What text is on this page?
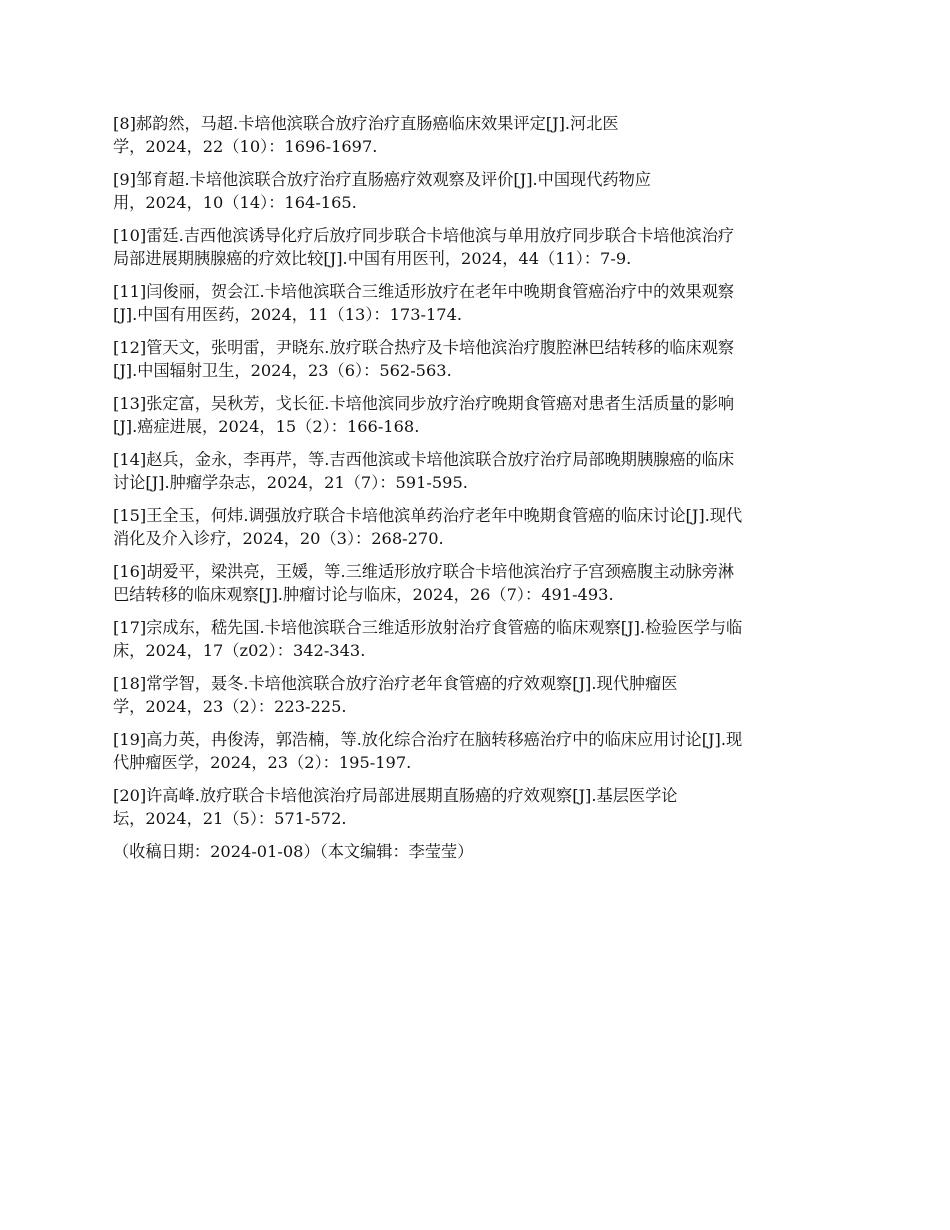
[8]郝韵然，马超.卡培他滨联合放疗治疗直肠癌临床效果评定[J].河北医
学，2024，22（10）：1696-1697.

[9]邹育超.卡培他滨联合放疗治疗直肠癌疗效观察及评价[J].中国现代药物应
用，2024，10（14）：164-165.

[10]雷廷.吉西他滨诱导化疗后放疗同步联合卡培他滨与单用放疗同步联合卡培他滨治疗
局部进展期胰腺癌的疗效比较[J].中国有用医刊，2024，44（11）：7-9.

[11]闫俊丽，贺会江.卡培他滨联合三维适形放疗在老年中晚期食管癌治疗中的效果观察
[J].中国有用医药，2024，11（13）：173-174.

[12]管天文，张明雷，尹晓东.放疗联合热疗及卡培他滨治疗腹腔淋巴结转移的临床观察
[J].中国辐射卫生，2024，23（6）：562-563.

[13]张定富，吴秋芳，戈长征.卡培他滨同步放疗治疗晚期食管癌对患者生活质量的影响
[J].癌症进展，2024，15（2）：166-168.

[14]赵兵，金永，李再芹，等.吉西他滨或卡培他滨联合放疗治疗局部晚期胰腺癌的临床
讨论[J].肿瘤学杂志，2024，21（7）：591-595.

[15]王全玉，何炜.调强放疗联合卡培他滨单药治疗老年中晚期食管癌的临床讨论[J].现代
消化及介入诊疗，2024，20（3）：268-270.

[16]胡爱平，梁洪亮，王媛，等.三维适形放疗联合卡培他滨治疗子宫颈癌腹主动脉旁淋
巴结转移的临床观察[J].肿瘤讨论与临床，2024，26（7）：491-493.

[17]宗成东，嵇先国.卡培他滨联合三维适形放射治疗食管癌的临床观察[J].检验医学与临
床，2024，17（z02）：342-343.

[18]常学智，聂冬.卡培他滨联合放疗治疗老年食管癌的疗效观察[J].现代肿瘤医
学，2024，23（2）：223-225.

[19]高力英，冉俊涛，郭浩楠，等.放化综合治疗在脑转移癌治疗中的临床应用讨论[J].现
代肿瘤医学，2024，23（2）：195-197.

[20]许高峰.放疗联合卡培他滨治疗局部进展期直肠癌的疗效观察[J].基层医学论
坛，2024，21（5）：571-572.

（收稿日期：2024-01-08）（本文编辑：李莹莹）
